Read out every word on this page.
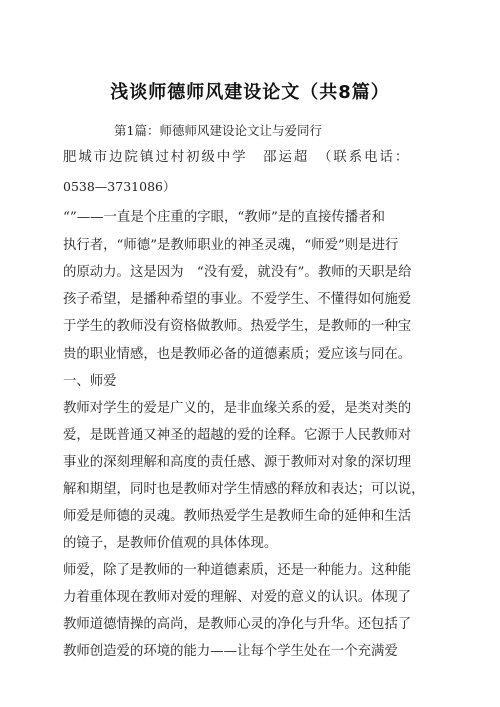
浅谈师德师风建设论文（共8篇）
第1篇：师德师风建设论文让与爱同行
肥城市边院镇过村初级中学　邵运超　（联系电话：
0538—3731086）
“”——一直是个庄重的字眼，“教师”是的直接传播者和
执行者，“师德”是教师职业的神圣灵魂，“师爱”则是进行
的原动力。这是因为　“没有爱，就没有”。教师的天职是给
孩子希望，是播种希望的事业。不爱学生、不懂得如何施爱
于学生的教师没有资格做教师。热爱学生，是教师的一种宝
贵的职业情感，也是教师必备的道德素质；爱应该与同在。
一、师爱
教师对学生的爱是广义的，是非血缘关系的爱，是类对类的
爱，是既普通又神圣的超越的爱的诠释。它源于人民教师对
事业的深刻理解和高度的责任感、源于教师对对象的深切理
解和期望，同时也是教师对学生情感的释放和表达；可以说，
师爱是师德的灵魂。教师热爱学生是教师生命的延伸和生活
的镜子，是教师价值观的具体体现。
师爱，除了是教师的一种道德素质，还是一种能力。这种能
力着重体现在教师对爱的理解、对爱的意义的认识。体现了
教师道德情操的高尚，是教师心灵的净化与升华。还包括了
教师创造爱的环境的能力——让每个学生处在一个充满爱
